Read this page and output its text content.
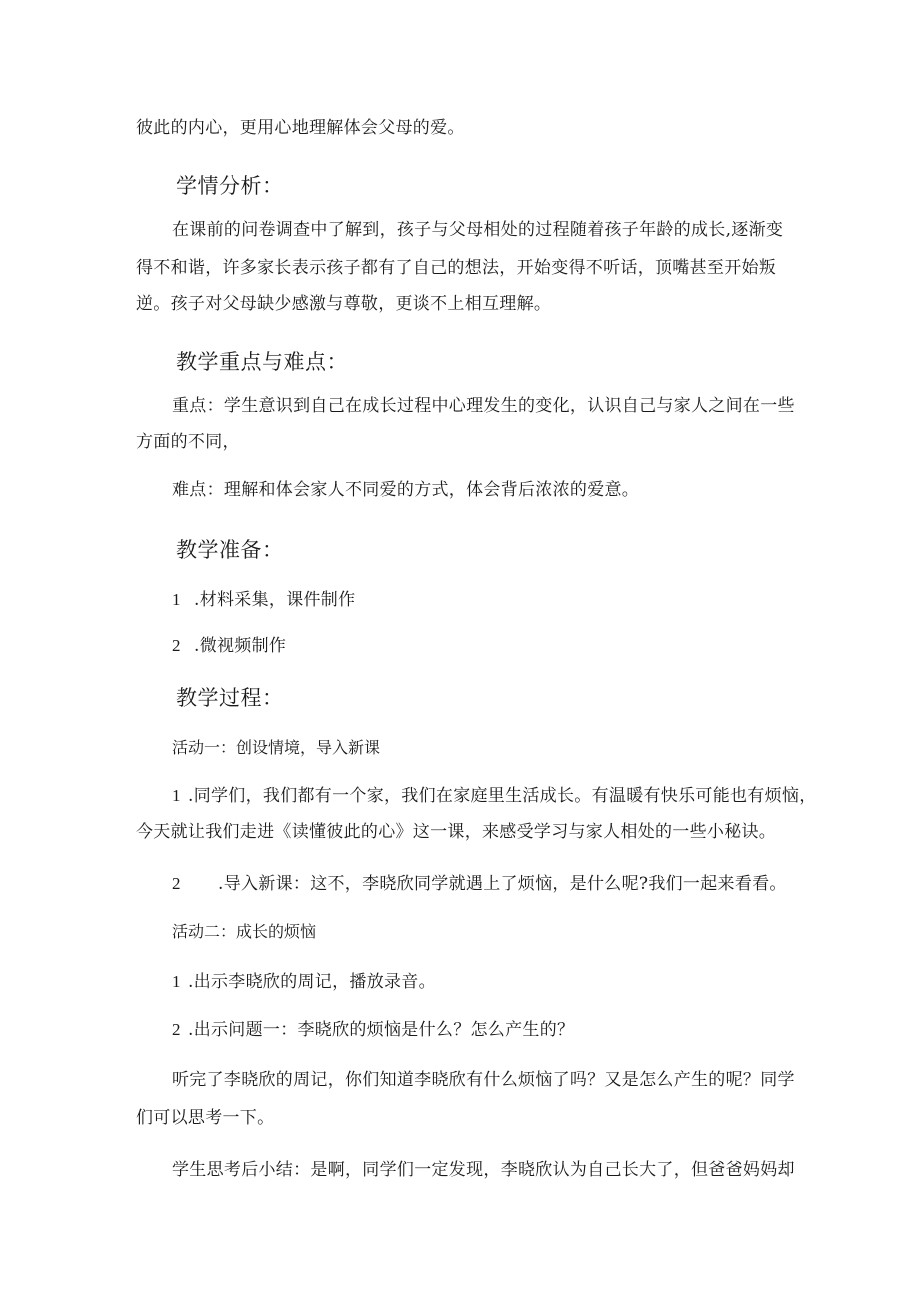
彼此的内心，更用心地理解体会父母的爱。
学情分析：
在课前的问卷调查中了解到，孩子与父母相处的过程随着孩子年龄的成长,逐渐变
得不和谐，许多家长表示孩子都有了自己的想法，开始变得不听话，顶嘴甚至开始叛
逆。孩子对父母缺少感激与尊敬，更谈不上相互理解。
教学重点与难点：
重点：学生意识到自己在成长过程中心理发生的变化，认识自己与家人之间在一些
方面的不同，
难点：理解和体会家人不同爱的方式，体会背后浓浓的爱意。
教学准备：
1 .材料采集，课件制作
2 .微视频制作
教学过程：
活动一：创设情境，导入新课
1 .同学们，我们都有一个家，我们在家庭里生活成长。有温暖有快乐可能也有烦恼，
今天就让我们走进《读懂彼此的心》这一课，来感受学习与家人相处的一些小秘诀。
2 .导入新课：这不，李晓欣同学就遇上了烦恼，是什么呢?我们一起来看看。
活动二：成长的烦恼
1 .出示李晓欣的周记，播放录音。
2 .出示问题一：李晓欣的烦恼是什么？怎么产生的？
听完了李晓欣的周记，你们知道李晓欣有什么烦恼了吗？又是怎么产生的呢？同学
们可以思考一下。
学生思考后小结：是啊，同学们一定发现，李晓欣认为自己长大了，但爸爸妈妈却
